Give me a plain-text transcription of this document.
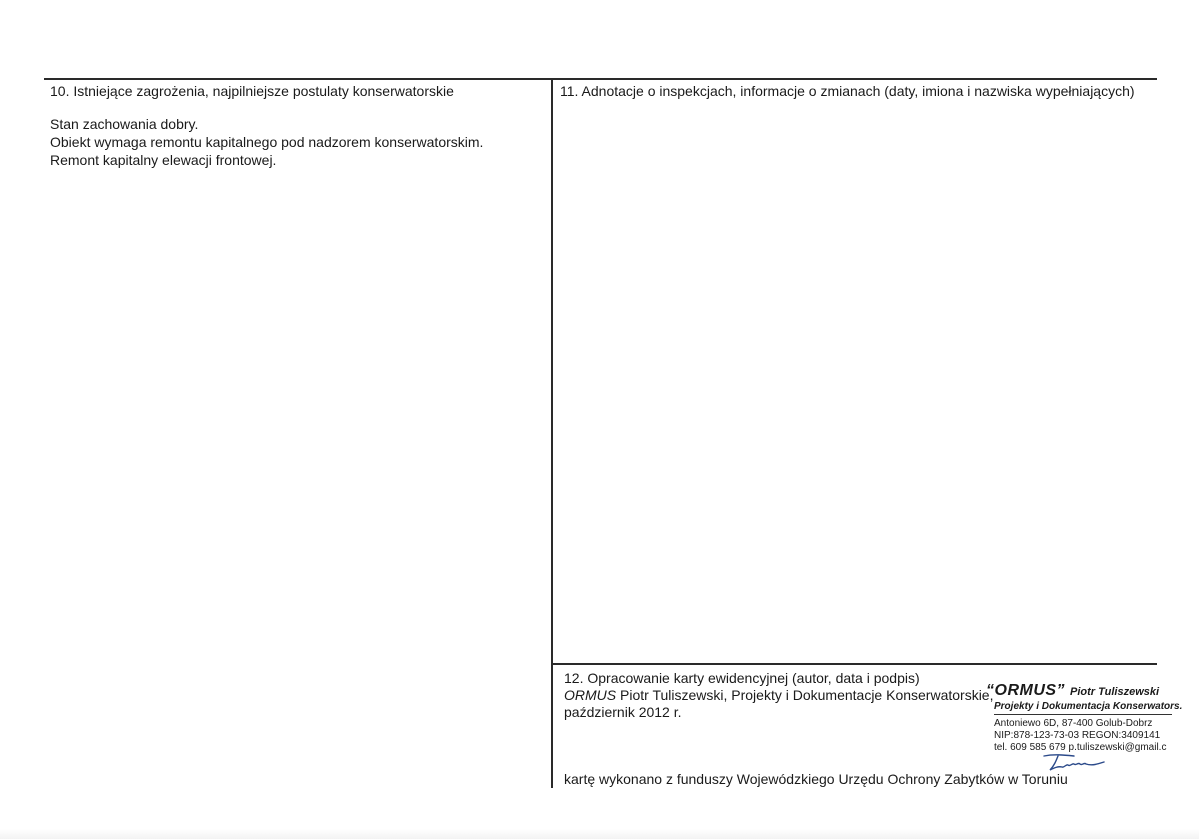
10. Istniejące zagrożenia, najpilniejsze postulaty konserwatorskie
Stan zachowania dobry.
Obiekt wymaga remontu kapitalnego pod nadzorem konserwatorskim.
Remont kapitalny elewacji frontowej.
11. Adnotacje o inspekcjach, informacje o zmianach (daty, imiona i nazwiska wypełniających)
12. Opracowanie karty ewidencyjnej (autor, data i podpis)
ORMUS Piotr Tuliszewski, Projekty i Dokumentacje Konserwatorskie,
październik 2012 r.
kartę wykonano z funduszy Wojewódzkiego Urzędu Ochrony Zabytków w Toruniu
“ORMUS” Piotr Tuliszewski
Projekty i Dokumentacja Konserwators.
Antoniewo 6D, 87-400 Golub-Dobrz
NIP:878-123-73-03 REGON:3409141
tel. 609 585 679 p.tuliszewski@gmail.c
